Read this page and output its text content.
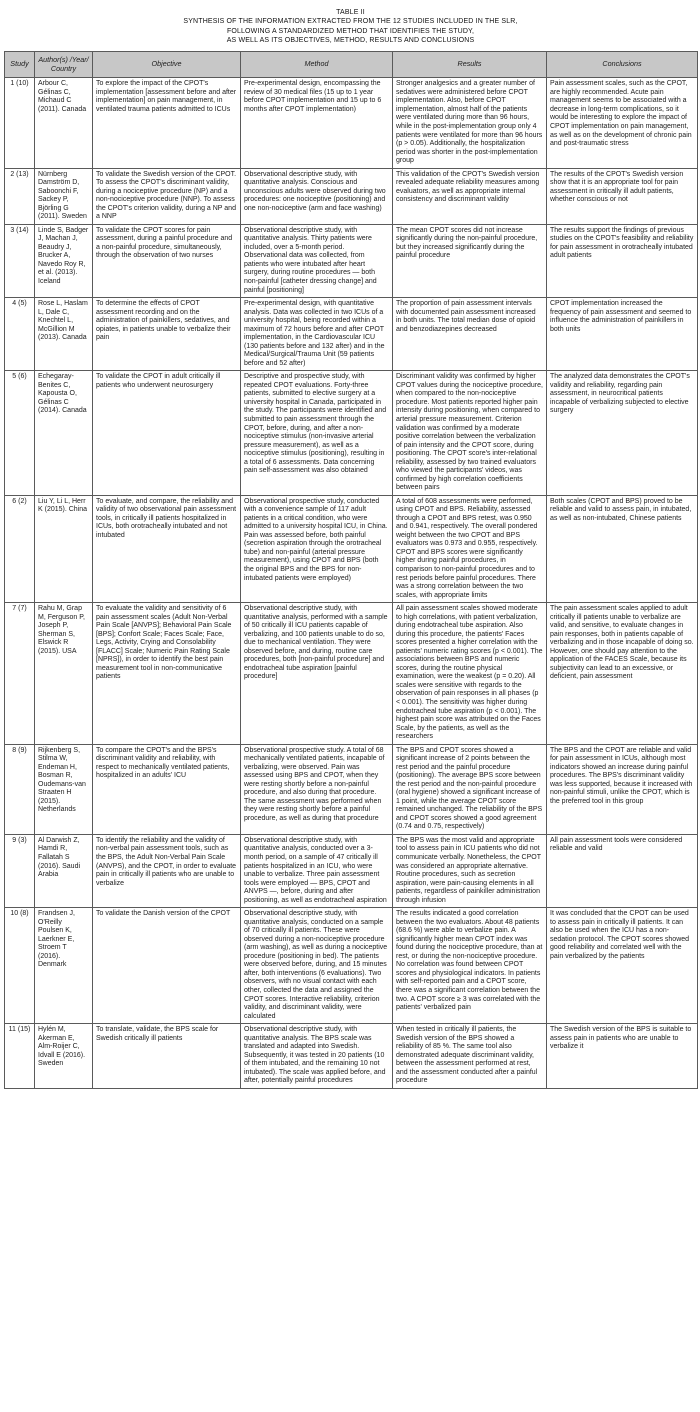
TABLE II
SYNTHESIS OF THE INFORMATION EXTRACTED FROM THE 12 STUDIES INCLUDED IN THE SLR,
FOLLOWING A STANDARDIZED METHOD THAT IDENTIFIES THE STUDY,
AS WELL AS ITS OBJECTIVES, METHOD, RESULTS AND CONCLUSIONS
Study	Author(s) /Year/ Country	Objective	Method	Results	Conclusions
1 (10)	Arbour C, Gélinas C, Michaud C (2011). Canada	To explore the impact of the CPOT's implementation [assessment before and after implementation] on pain management, in ventilated trauma patients admitted to ICUs	Pre-experimental design, encompassing the review of 30 medical files (15 up to 1 year before CPOT implementation and 15 up to 6 months after CPOT implementation)	Stronger analgesics and a greater number of sedatives were administered before CPOT implementation. Also, before CPOT implementation, almost half of the patients were ventilated during more than 96 hours, while in the post-implementation group only 4 patients were ventilated for more than 96 hours (p > 0.05). Additionally, the hospitalization period was shorter in the post-implementation group	Pain assessment scales, such as the CPOT, are highly recommended. Acute pain management seems to be associated with a decrease in long-term complications, so it would be interesting to explore the impact of CPOT implementation on pain management, as well as on the development of chronic pain and post-traumatic stress
2 (13)	Nürnberg Damström D, Saboonchi F, Sackey P, Björling G (2011). Sweden	To validate the Swedish version of the CPOT. To assess the CPOT's discriminant validity, during a nociceptive procedure (NP) and a non-nociceptive procedure (NNP). To assess the CPOT's criterion validity, during a NP and a NNP	Observational descriptive study, with quantitative analysis. Conscious and unconscious adults were observed during two procedures: one nociceptive (positioning) and one non-nociceptive (arm and face washing)	This validation of the CPOT's Swedish version revealed adequate reliability measures among evaluators, as well as appropriate internal consistency and discriminant validity	The results of the CPOT's Swedish version show that it is an appropriate tool for pain assessment in critically ill adult patients, whether conscious or not
3 (14)	Linde S, Badger J, Machan J, Beaudry J, Brucker A, Navedo Roy R, et al. (2013). Iceland	To validate the CPOT scores for pain assessment, during a painful procedure and a non-painful procedure, simultaneously, through the observation of two nurses	Observational descriptive study, with quantitative analysis. Thirty patients were included, over a 5-month period. Observational data was collected, from patients who were intubated after heart surgery, during routine procedures — both non-painful [catheter dressing change] and painful [positioning]	The mean CPOT scores did not increase significantly during the non-painful procedure, but they increased significantly during the painful procedure	The results support the findings of previous studies on the CPOT's feasibility and reliability for pain assessment in orotracheally intubated adult patients
4 (5)	Rose L, Haslam L, Dale C, Knechtel L, McGillion M (2013). Canada	To determine the effects of CPOT assessment recording and on the administration of painkillers, sedatives, and opiates, in patients unable to verbalize their pain	Pre-experimental design, with quantitative analysis. Data was collected in two ICUs of a university hospital, being recorded within a maximum of 72 hours before and after CPOT implementation, in the Cardiovascular ICU (130 patients before and 132 after) and in the Medical/Surgical/Trauma Unit (59 patients before and 52 after)	The proportion of pain assessment intervals with documented pain assessment increased in both units. The total median dose of opioid and benzodiazepines decreased	CPOT implementation increased the frequency of pain assessment and seemed to influence the administration of painkillers in both units
5 (6)	Echegaray-Benites C, Kapousta O, Gélinas C (2014). Canada	To validate the CPOT in adult critically ill patients who underwent neurosurgery	Descriptive and prospective study, with repeated CPOT evaluations. Forty-three patients, submitted to elective surgery at a university hospital in Canada, participated in the study. The participants were identified and submitted to pain assessment through the CPOT, before, during, and after a non-nociceptive stimulus (non-invasive arterial pressure measurement), as well as a nociceptive stimulus (positioning), resulting in a total of 6 assessments. Data concerning pain self-assessment was also obtained	Discriminant validity was confirmed by higher CPOT values during the nociceptive procedure, when compared to the non-nociceptive procedure. Most patients reported higher pain intensity during positioning, when compared to arterial pressure measurement. Criterion validation was confirmed by a moderate positive correlation between the verbalization of pain intensity and the CPOT score, during positioning. The CPOT score's inter-relational reliability, assessed by two trained evaluators who viewed the participants' videos, was confirmed by high correlation coefficients between pairs	The analyzed data demonstrates the CPOT's validity and reliability, regarding pain assessment, in neurocritical patients incapable of verbalizing subjected to elective surgery
6 (2)	Liu Y, Li L, Herr K (2015). China	To evaluate, and compare, the reliability and validity of two observational pain assessment tools, in critically ill patients hospitalized in ICUs, both orotracheally intubated and not intubated	Observational prospective study, conducted with a convenience sample of 117 adult patients in a critical condition, who were admitted to a university hospital ICU, in China. Pain was assessed before, both painful (secretion aspiration through the orotracheal tube) and non-painful (arterial pressure measurement), using CPOT and BPS (both the original BPS and the BPS for non-intubated patients were employed)	A total of 608 assessments were performed, using CPOT and BPS. Reliability, assessed through a CPOT and BPS retest, was 0.950 and 0.941, respectively. The overall pondered weight between the two CPOT and BPS evaluators was 0.973 and 0.955, respectively. CPOT and BPS scores were significantly higher during painful procedures, in comparison to non-painful procedures and to rest periods before painful procedures. There was a strong correlation between the two scales, with appropriate limits	Both scales (CPOT and BPS) proved to be reliable and valid to assess pain, in intubated, as well as non-intubated, Chinese patients
7 (7)	Rahu M, Grap M, Ferguson P, Joseph P, Sherman S, Elswick R (2015). USA	To evaluate the validity and sensitivity of 6 pain assessment scales (Adult Non-Verbal Pain Scale [ANVPS]; Behavioral Pain Scale [BPS]; Confort Scale; Faces Scale; Face, Legs, Activity, Crying and Consolability [FLACC] Scale; Numeric Pain Rating Scale [NPRS]), in order to identify the best pain measurement tool in non-communicative patients	Observational descriptive study, with quantitative analysis, performed with a sample of 50 critically ill ICU patients capable of verbalizing, and 100 patients unable to do so, due to mechanical ventilation. They were observed before, and during, routine care procedures, both [non-painful procedure] and endotracheal tube aspiration [painful procedure]	All pain assessment scales showed moderate to high correlations, with patient verbalization, during endotracheal tube aspiration. Also during this procedure, the patients' Faces scores presented a higher correlation with the patients' numeric rating scores (p < 0.001). The associations between BPS and numeric scores, during the routine physical examination, were the weakest (p = 0.20). All scales were sensitive with regards to the observation of pain responses in all phases (p < 0.001). The sensitivity was higher during endotracheal tube aspiration (p < 0.001). The highest pain score was attributed on the Faces Scale, by the patients, as well as the researchers	The pain assessment scales applied to adult critically ill patients unable to verbalize are valid, and sensitive, to evaluate changes in pain responses, both in patients capable of verbalizing and in those incapable of doing so. However, one should pay attention to the application of the FACES Scale, because its subjectivity can lead to an excessive, or deficient, pain assessment
8 (9)	Rijkenberg S, Stilma W, Endeman H, Bosman R, Oudemans-van Straaten H (2015). Netherlands	To compare the CPOT's and the BPS's discriminant validity and reliability, with respect to mechanically ventilated patients, hospitalized in an adults' ICU	Observational prospective study. A total of 68 mechanically ventilated patients, incapable of verbalizing, were observed. Pain was assessed using BPS and CPOT, when they were resting shortly before a non-painful procedure, and also during that procedure. The same assessment was performed when they were resting shortly before a painful procedure, as well as during that procedure	The BPS and CPOT scores showed a significant increase of 2 points between the rest period and the painful procedure (positioning). The average BPS score between the rest period and the non-painful procedure (oral hygiene) showed a significant increase of 1 point, while the average CPOT score remained unchanged. The reliability of the BPS and CPOT scores showed a good agreement (0.74 and 0.75, respectively)	The BPS and the CPOT are reliable and valid for pain assessment in ICUs, although most indicators showed an increase during painful procedures. The BPS's discriminant validity was less supported, because it increased with non-painful stimuli, unlike the CPOT, which is the preferred tool in this group
9 (3)	Al Darwish Z, Hamdi R, Fallatah S (2016). Saudi Arabia	To identify the reliability and the validity of non-verbal pain assessment tools, such as the BPS, the Adult Non-Verbal Pain Scale (ANVPS), and the CPOT, in order to evaluate pain in critically ill patients who are unable to verbalize	Observational descriptive study, with quantitative analysis, conducted over a 3-month period, on a sample of 47 critically ill patients hospitalized in an ICU, who were unable to verbalize. Three pain assessment tools were employed — BPS, CPOT and ANVPS —, before, during and after positioning, as well as endotracheal aspiration	The BPS was the most valid and appropriate tool to assess pain in ICU patients who did not communicate verbally. Nonetheless, the CPOT was considered an appropriate alternative. Routine procedures, such as secretion aspiration, were pain-causing elements in all patients, regardless of painkiller administration through infusion	All pain assessment tools were considered reliable and valid
10 (8)	Frandsen J, O'Reilly Poulsen K, Laerkner E, Stroem T (2016). Denmark	To validate the Danish version of the CPOT	Observational descriptive study, with quantitative analysis, conducted on a sample of 70 critically ill patients. These were observed during a non-nociceptive procedure (arm washing), as well as during a nociceptive procedure (positioning in bed). The patients were observed before, during, and 15 minutes after, both interventions (6 evaluations). Two observers, with no visual contact with each other, collected the data and assigned the CPOT scores. Interactive reliability, criterion validity, and discriminant validity, were calculated	The results indicated a good correlation between the two evaluators. About 48 patients (68.6 %) were able to verbalize pain. A significantly higher mean CPOT index was found during the nociceptive procedure, than at rest, or during the non-nociceptive procedure. No correlation was found between CPOT scores and physiological indicators. In patients with self-reported pain and a CPOT score, there was a significant correlation between the two. A CPOT score ≥ 3 was correlated with the patients' verbalized pain	It was concluded that the CPOT can be used to assess pain in critically ill patients. It can also be used when the ICU has a non-sedation protocol. The CPOT scores showed good reliability and correlated well with the pain verbalized by the patients
11 (15)	Hylén M, Akerman E, Alm-Roijer C, Idvall E (2016). Sweden	To translate, validate, the BPS scale for Swedish critically ill patients	Observational descriptive study, with quantitative analysis. The BPS scale was translated and adapted into Swedish. Subsequently, it was tested in 20 patients (10 of them intubated, and the remaining 10 not intubated). The scale was applied before, and after, potentially painful procedures	When tested in critically ill patients, the Swedish version of the BPS showed a reliability of 85 %. The same tool also demonstrated adequate discriminant validity, between the assessment performed at rest, and the assessment conducted after a painful procedure	The Swedish version of the BPS is suitable to assess pain in patients who are unable to verbalize it
